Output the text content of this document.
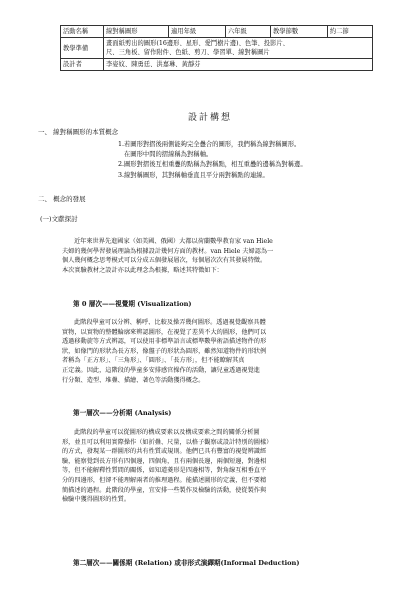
活動名稱	線對稱圖形	適用年級	六年級	教學節數	約二節
教學準備	畫面紙剪出的圖形(16邊形、星形、愛鬥樹片邊)、色筆、投影片、
尺、三角板、留作附件、色紙、剪刀、學習單、線對稱圖片				
設計者	李姿妏、陳勇廷、洪嘉琳、黃靜芬				
設計構想
一、 線對稱圖形的本質概念
1.若圖形對摺後兩側能夠完全疊合的圖形，我們稱為線對稱圖形。
在圖形中間的摺線稱為對稱軸。
2.圖形對摺後互相重疊的點稱為對稱點，相互重疊的邊稱為對稱邊。
3.線對稱圖形，其對稱軸垂直且平分兩對稱點的連線。
二、 概念的發展
(一)文獻探討
近年來世界先進國家（如美國、俄國）大都以荷蘭數學教育家 van Hiele
夫婦的幾何學習發展理論為根據設計幾何方面的教材。van Hiele 夫婦認為一
個人幾何概念思考模式可以分成五個發展層次，每個層次次有其發展特徵。
本次實驗教材之設計亦以此理念為根據，略述其特徵如下：
第 0 層次——視覺期 (Visualization)
此階段學童可以分辨、稱呼、比較及操弄幾何圖形。透過視覺觀察具體
實物，以實物的整體輪廓來辨認圖形，在視覺了差異不大的圖形，他們可以
透過移動旋等方式辨認，可以使用非標準語言或標準數學術語描述物件的形
狀，如像門的形狀為長方形，像盤子的形狀為圓形，雖然知道物件的形狀例
者稱為「正方形」、「三角形」、「圓形」、「長方形」，但不能瞭解其真
正定義。因此，這階段的學童多安排感官操作的活動，讓兒童透過視覺進
行分類、造型、堆疊、描繪、著色等活動獲得概念。
第一層次——分析期 (Analysis)
此階段的學童可以從圖形的構成要素以及構成要素之間的關係分析圖
形，並且可以利用實際操作（如折疊、尺量，以格子觀察或設計特別的圖樣）
的方式，發現某一群圖形的共有性質或規則。他們已具有豐富的視覺辨識經
驗，能察覺到長方形有四個邊，四個角，且有兩個長邊，兩個短邊，對邊相
等，但不能解釋性質間的關係，如知道菱形是四邊相等，對角線互相垂直平
分的四邊形，但卻不能理解兩者的推理過程。能描述圖形的定義，但不要精
簡描述的過程。此階段的學童，宜安排一些製作及檢驗的活動，使從製作與
檢驗中獲得圖形的性質。
第二層次——關係期 (Relation) 或非形式演繹期(Informal Deduction)
